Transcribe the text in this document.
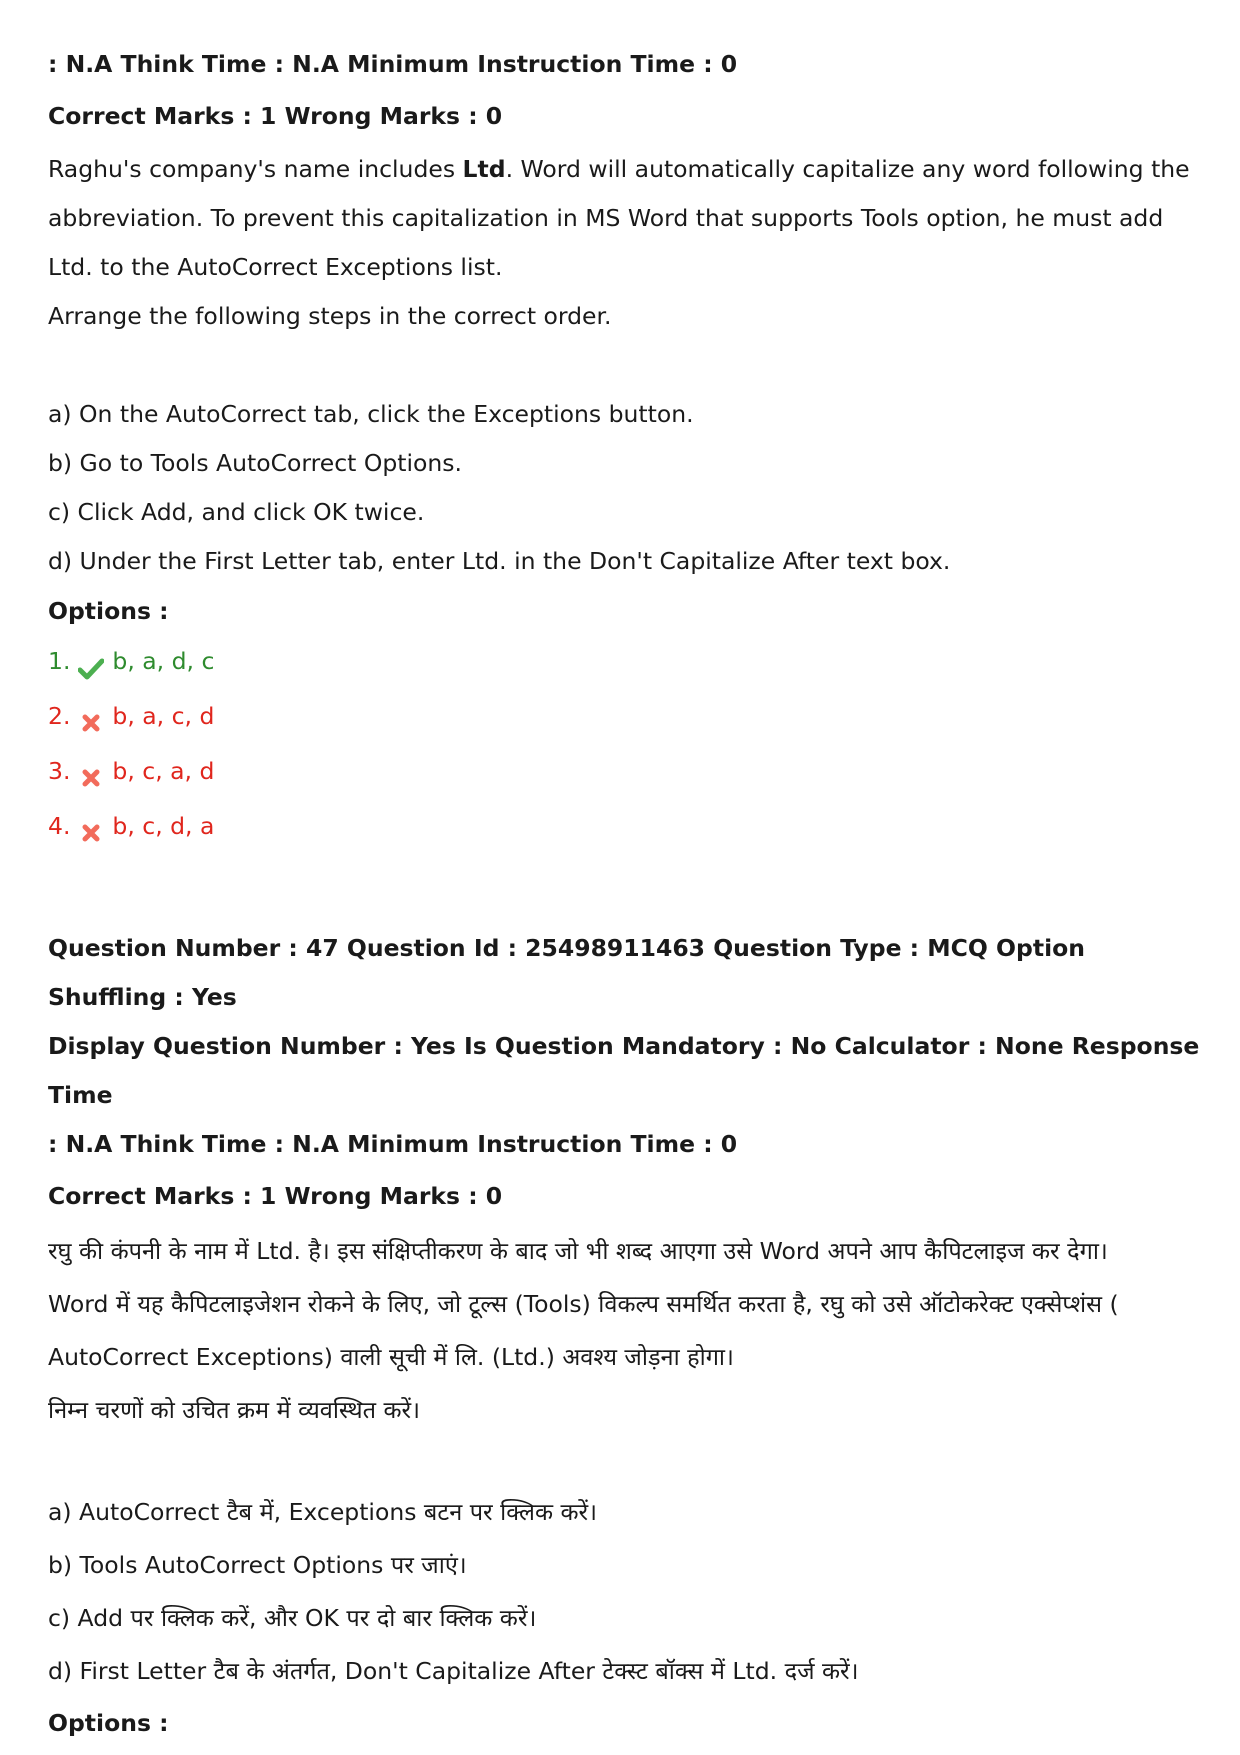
: N.A Think Time : N.A Minimum Instruction Time : 0

Correct Marks : 1 Wrong Marks : 0

Raghu's company's name includes Ltd. Word will automatically capitalize any word following the

abbreviation. To prevent this capitalization in MS Word that supports Tools option, he must add

Ltd. to the AutoCorrect Exceptions list.

Arrange the following steps in the correct order.

a) On the AutoCorrect tab, click the Exceptions button.

b) Go to Tools AutoCorrect Options.

c) Click Add, and click OK twice.

d) Under the First Letter tab, enter Ltd. in the Don't Capitalize After text box.

Options :

1. b, a, d, c
2. b, a, c, d
3. b, c, a, d
4. b, c, d, a

Question Number : 47 Question Id : 25498911463 Question Type : MCQ Option Shuffling : Yes

Display Question Number : Yes Is Question Mandatory : No Calculator : None Response Time

: N.A Think Time : N.A Minimum Instruction Time : 0

Correct Marks : 1 Wrong Marks : 0

रघु की कंपनी के नाम में Ltd. है। इस संक्षिप्तीकरण के बाद जो भी शब्द आएगा उसे Word अपने आप कैपिटलाइज कर देगा।

Word में यह कैपिटलाइजेशन रोकने के लिए, जो टूल्स (Tools) विकल्प समर्थित करता है, रघु को उसे ऑटोकरेक्ट एक्सेप्शंस (

AutoCorrect Exceptions) वाली सूची में लि. (Ltd.) अवश्य जोड़ना होगा।

निम्न चरणों को उचित क्रम में व्यवस्थित करें।

a) AutoCorrect टैब में, Exceptions बटन पर क्लिक करें।

b) Tools AutoCorrect Options पर जाएं।

c) Add पर क्लिक करें, और OK पर दो बार क्लिक करें।

d) First Letter टैब के अंतर्गत, Don't Capitalize After टेक्स्ट बॉक्स में Ltd. दर्ज करें।

Options :
